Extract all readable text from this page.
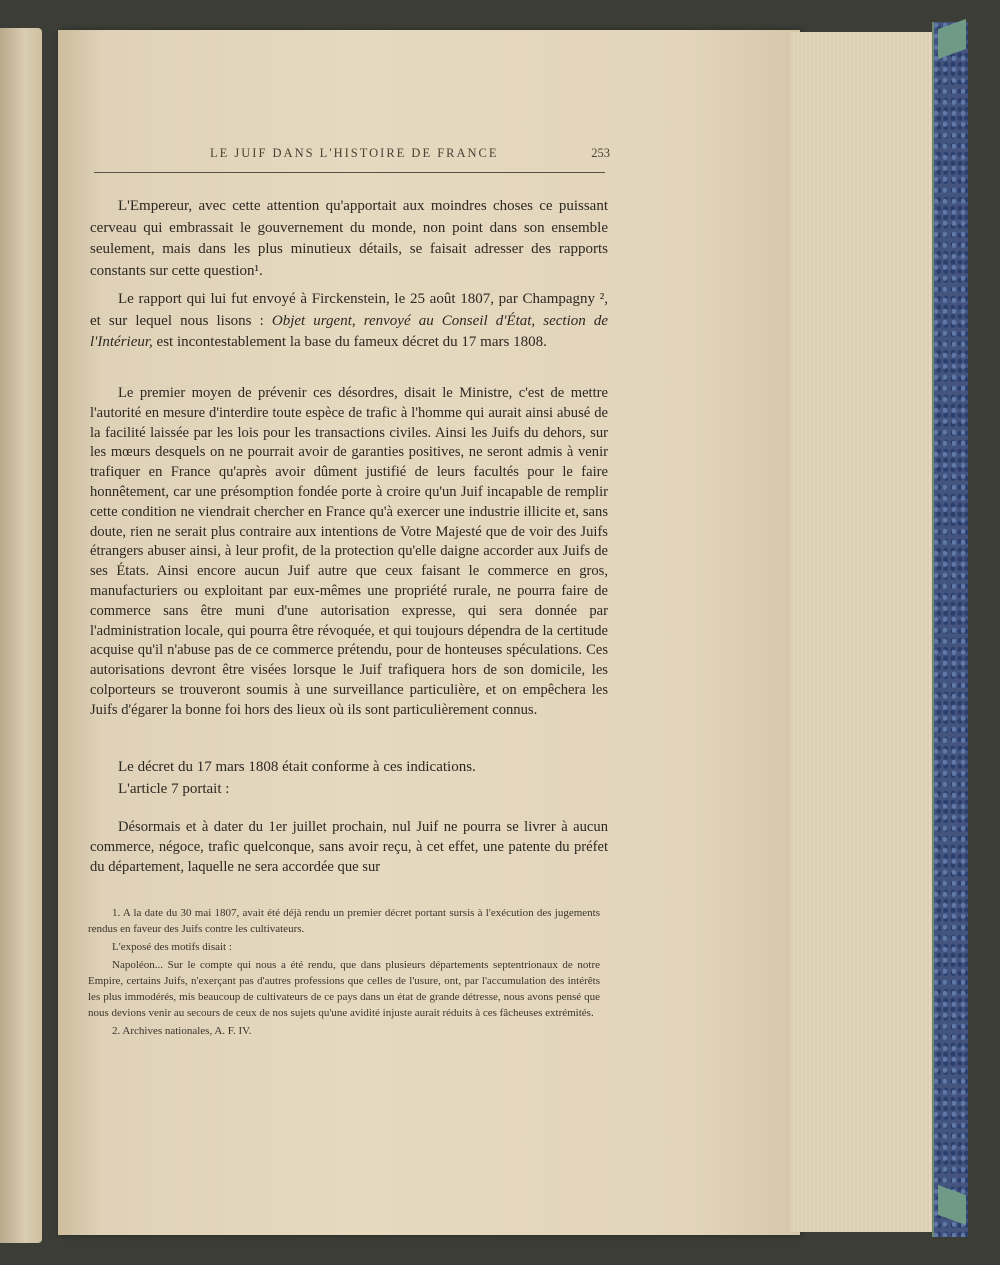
LE JUIF DANS L'HISTOIRE DE FRANCE	253

L'Empereur, avec cette attention qu'apportait aux moindres choses ce puissant cerveau qui embrassait le gouvernement du monde, non point dans son ensemble seulement, mais dans les plus minutieux détails, se faisait adresser des rapports constants sur cette question¹.

Le rapport qui lui fut envoyé à Firckenstein, le 25 août 1807, par Champagny ², et sur lequel nous lisons : Objet urgent, renvoyé au Conseil d'État, section de l'Intérieur, est incontestablement la base du fameux décret du 17 mars 1808.

Le premier moyen de prévenir ces désordres, disait le Ministre, c'est de mettre l'autorité en mesure d'interdire toute espèce de trafic à l'homme qui aurait ainsi abusé de la facilité laissée par les lois pour les transactions civiles. Ainsi les Juifs du dehors, sur les mœurs desquels on ne pourrait avoir de garanties positives, ne seront admis à venir trafiquer en France qu'après avoir dûment justifié de leurs facultés pour le faire honnêtement, car une présomption fondée porte à croire qu'un Juif incapable de remplir cette condition ne viendrait chercher en France qu'à exercer une industrie illicite et, sans doute, rien ne serait plus contraire aux intentions de Votre Majesté que de voir des Juifs étrangers abuser ainsi, à leur profit, de la protection qu'elle daigne accorder aux Juifs de ses États. Ainsi encore aucun Juif autre que ceux faisant le commerce en gros, manufacturiers ou exploitant par eux-mêmes une propriété rurale, ne pourra faire de commerce sans être muni d'une autorisation expresse, qui sera donnée par l'administration locale, qui pourra être révoquée, et qui toujours dépendra de la certitude acquise qu'il n'abuse pas de ce commerce prétendu, pour de honteuses spéculations. Ces autorisations devront être visées lorsque le Juif trafiquera hors de son domicile, les colporteurs se trouveront soumis à une surveillance particulière, et on empêchera les Juifs d'égarer la bonne foi hors des lieux où ils sont particulièrement connus.

Le décret du 17 mars 1808 était conforme à ces indications.

L'article 7 portait :

Désormais et à dater du 1er juillet prochain, nul Juif ne pourra se livrer à aucun commerce, négoce, trafic quelconque, sans avoir reçu, à cet effet, une patente du préfet du département, laquelle ne sera accordée que sur

1. A la date du 30 mai 1807, avait été déjà rendu un premier décret portant sursis à l'exécution des jugements rendus en faveur des Juifs contre les cultivateurs.

L'exposé des motifs disait :

Napoléon... Sur le compte qui nous a été rendu, que dans plusieurs départements septentrionaux de notre Empire, certains Juifs, n'exerçant pas d'autres professions que celles de l'usure, ont, par l'accumulation des intérêts les plus immodérés, mis beaucoup de cultivateurs de ce pays dans un état de grande détresse, nous avons pensé que nous devions venir au secours de ceux de nos sujets qu'une avidité injuste aurait réduits à ces fâcheuses extrémités.

2. Archives nationales, A. F. IV.
